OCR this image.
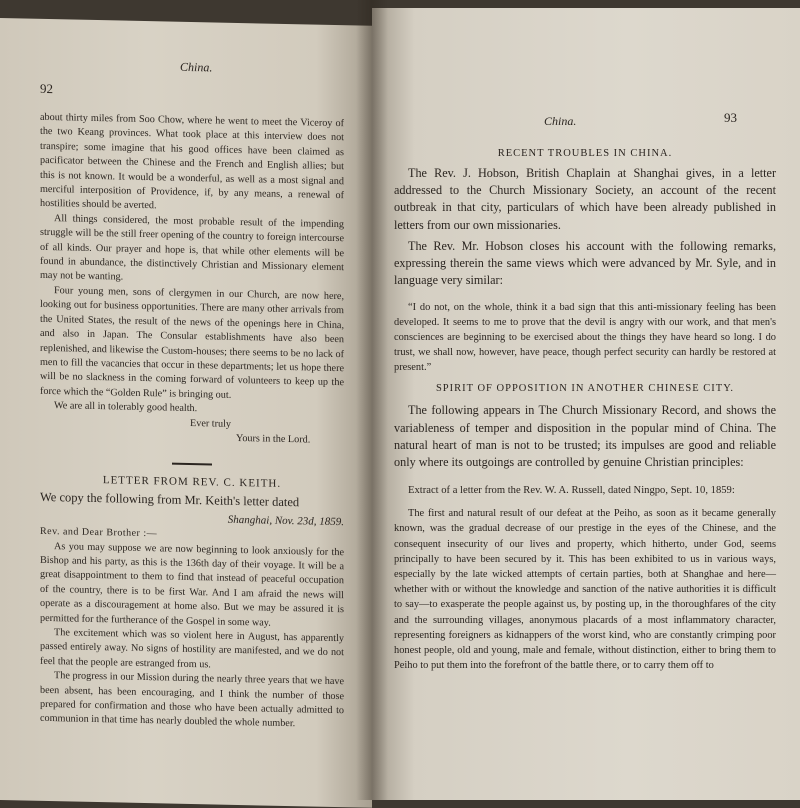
China.
92

about thirty miles from Soo Chow, where he went to meet the Viceroy of the two Keang provinces. What took place at this interview does not transpire; some imagine that his good offices have been claimed as pacificator between the Chinese and the French and English allies; but this is not known. It would be a wonderful, as well as a most signal and merciful interposition of Providence, if, by any means, a renewal of hostilities should be averted.

All things considered, the most probable result of the impending struggle will be the still freer opening of the country to foreign intercourse of all kinds. Our prayer and hope is, that while other elements will be found in abundance, the distinctively Christian and Missionary element may not be wanting.

Four young men, sons of clergymen in our Church, are now here, looking out for business opportunities. There are many other arrivals from the United States, the result of the news of the openings here in China, and also in Japan. The Consular establishments have also been replenished, and likewise the Custom-houses; there seems to be no lack of men to fill the vacancies that occur in these departments; let us hope there will be no slackness in the coming forward of volunteers to keep up the force which the “Golden Rule” is bringing out.

We are all in tolerably good health.

Ever truly

Yours in the Lord.

LETTER FROM REV. C. KEITH.

We copy the following from Mr. Keith's letter dated

Shanghai, Nov. 23d, 1859.

Rev. and Dear Brother :—

As you may suppose we are now beginning to look anxiously for the Bishop and his party, as this is the 136th day of their voyage. It will be a great disappointment to them to find that instead of peaceful occupation of the country, there is to be first War. And I am afraid the news will operate as a discouragement at home also. But we may be assured it is permitted for the furtherance of the Gospel in some way.

The excitement which was so violent here in August, has apparently passed entirely away. No signs of hostility are manifested, and we do not feel that the people are estranged from us.

The progress in our Mission during the nearly three years that we have been absent, has been encouraging, and I think the number of those prepared for confirmation and those who have been actually admitted to communion in that time has nearly doubled the whole number.

China.	93
RECENT TROUBLES IN CHINA.

The Rev. J. Hobson, British Chaplain at Shanghai gives, in a letter addressed to the Church Missionary Society, an account of the recent outbreak in that city, particulars of which have been already published in letters from our own missionaries.

The Rev. Mr. Hobson closes his account with the following remarks, expressing therein the same views which were advanced by Mr. Syle, and in language very similar:

“I do not, on the whole, think it a bad sign that this anti-missionary feeling has been developed. It seems to me to prove that the devil is angry with our work, and that men's consciences are beginning to be exercised about the things they have heard so long. I do trust, we shall now, however, have peace, though perfect security can hardly be restored at present.”

SPIRIT OF OPPOSITION IN ANOTHER CHINESE CITY.

The following appears in The Church Missionary Record, and shows the variableness of temper and disposition in the popular mind of China. The natural heart of man is not to be trusted; its impulses are good and reliable only where its outgoings are controlled by genuine Christian principles:

Extract of a letter from the Rev. W. A. Russell, dated Ningpo, Sept. 10, 1859:

The first and natural result of our defeat at the Peiho, as soon as it became generally known, was the gradual decrease of our prestige in the eyes of the Chinese, and the consequent insecurity of our lives and property, which hitherto, under God, seems principally to have been secured by it. This has been exhibited to us in various ways, especially by the late wicked attempts of certain parties, both at Shanghae and here—whether with or without the knowledge and sanction of the native authorities it is difficult to say—to exasperate the people against us, by posting up, in the thoroughfares of the city and the surrounding villages, anonymous placards of a most inflammatory character, representing foreigners as kidnappers of the worst kind, who are constantly crimping poor honest people, old and young, male and female, without distinction, either to bring them to Peiho to put them into the forefront of the battle there, or to carry them off to
